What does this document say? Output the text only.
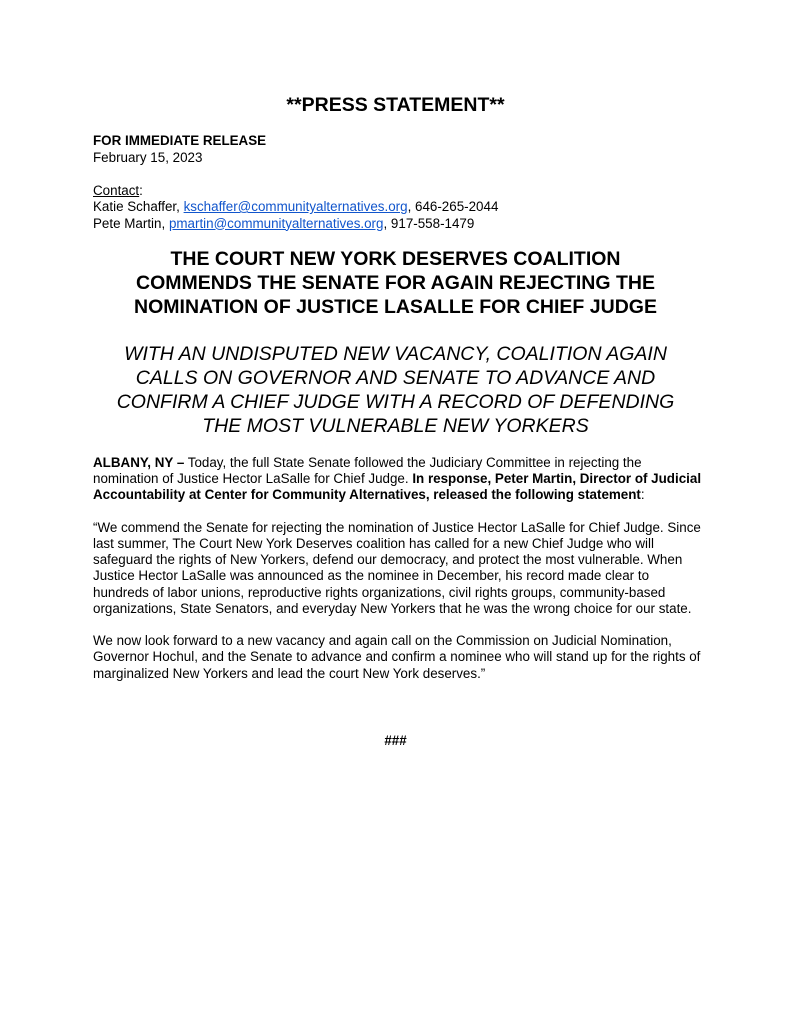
**PRESS STATEMENT**
FOR IMMEDIATE RELEASE
February 15, 2023
Contact:
Katie Schaffer, kschaffer@communityalternatives.org, 646-265-2044
Pete Martin, pmartin@communityalternatives.org, 917-558-1479
THE COURT NEW YORK DESERVES COALITION
COMMENDS THE SENATE FOR AGAIN REJECTING THE
NOMINATION OF JUSTICE LASALLE FOR CHIEF JUDGE
WITH AN UNDISPUTED NEW VACANCY, COALITION AGAIN
CALLS ON GOVERNOR AND SENATE TO ADVANCE AND
CONFIRM A CHIEF JUDGE WITH A RECORD OF DEFENDING
THE MOST VULNERABLE NEW YORKERS

ALBANY, NY – Today, the full State Senate followed the Judiciary Committee in rejecting the nomination of Justice Hector LaSalle for Chief Judge. In response, Peter Martin, Director of Judicial Accountability at Center for Community Alternatives, released the following statement:

“We commend the Senate for rejecting the nomination of Justice Hector LaSalle for Chief Judge. Since last summer, The Court New York Deserves coalition has called for a new Chief Judge who will safeguard the rights of New Yorkers, defend our democracy, and protect the most vulnerable. When Justice Hector LaSalle was announced as the nominee in December, his record made clear to hundreds of labor unions, reproductive rights organizations, civil rights groups, community-based organizations, State Senators, and everyday New Yorkers that he was the wrong choice for our state.

We now look forward to a new vacancy and again call on the Commission on Judicial Nomination, Governor Hochul, and the Senate to advance and confirm a nominee who will stand up for the rights of marginalized New Yorkers and lead the court New York deserves.”

###
